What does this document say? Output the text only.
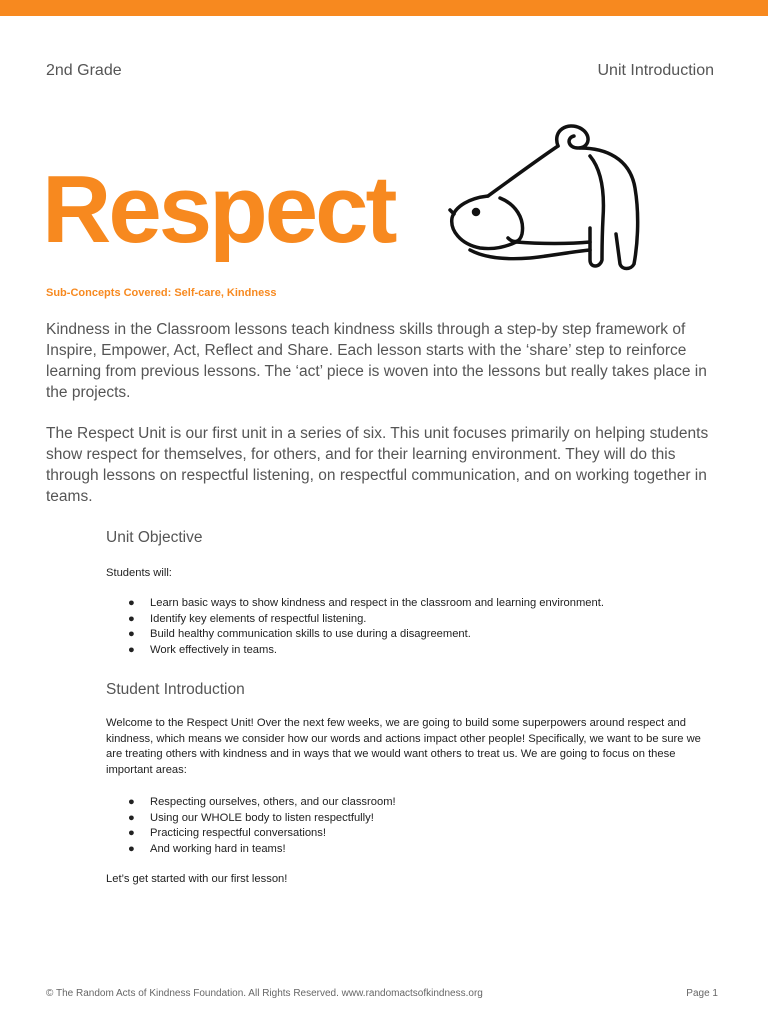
2nd Grade	Unit Introduction
Respect
Sub-Concepts Covered: Self-care, Kindness

Kindness in the Classroom lessons teach kindness skills through a step-by step framework of Inspire, Empower, Act, Reflect and Share. Each lesson starts with the ‘share’ step to reinforce learning from previous lessons. The ‘act’ piece is woven into the lessons but really takes place in the projects.

The Respect Unit is our first unit in a series of six. This unit focuses primarily on helping students show respect for themselves, for others, and for their learning environment. They will do this through lessons on respectful listening, on respectful communication, and on working together in teams.

Unit Objective

Students will:

● Learn basic ways to show kindness and respect in the classroom and learning environment.
● Identify key elements of respectful listening.
● Build healthy communication skills to use during a disagreement.
● Work effectively in teams.
Student Introduction

Welcome to the Respect Unit! Over the next few weeks, we are going to build some superpowers around respect and kindness, which means we consider how our words and actions impact other people! Specifically, we want to be sure we are treating others with kindness and in ways that we would want others to treat us. We are going to focus on these important areas:

● Respecting ourselves, others, and our classroom!
● Using our WHOLE body to listen respectfully!
● Practicing respectful conversations!
● And working hard in teams!

Let’s get started with our first lesson!

© The Random Acts of Kindness Foundation. All Rights Reserved. www.randomactsofkindness.org	Page 1
